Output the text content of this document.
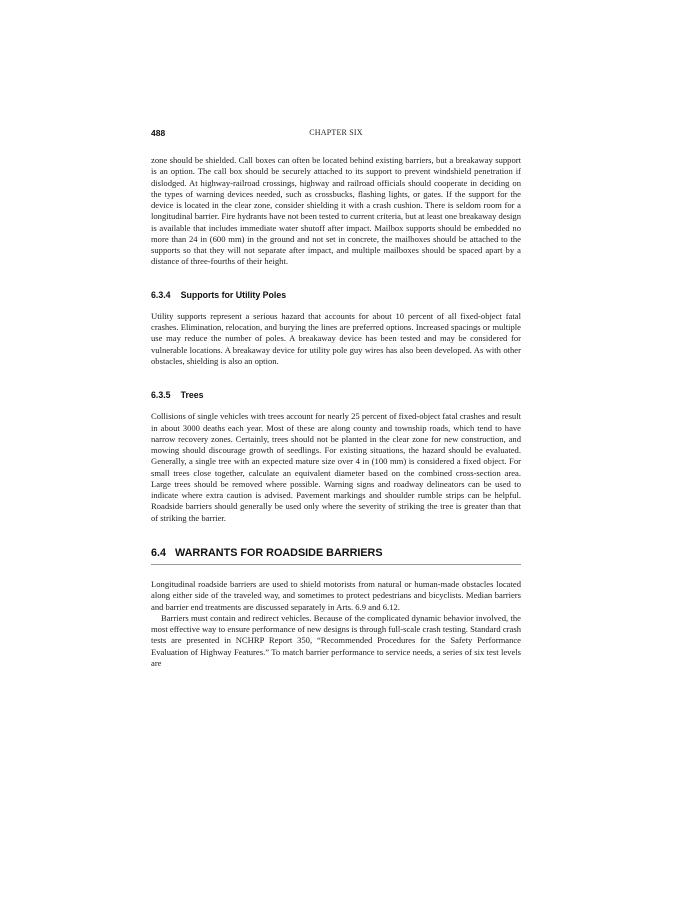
488	CHAPTER SIX

zone should be shielded. Call boxes can often be located behind existing barriers, but a breakaway support is an option. The call box should be securely attached to its support to prevent windshield penetration if dislodged. At highway-railroad crossings, highway and railroad officials should cooperate in deciding on the types of warning devices needed, such as crossbucks, flashing lights, or gates. If the support for the device is located in the clear zone, consider shielding it with a crash cushion. There is seldom room for a longitudinal barrier. Fire hydrants have not been tested to current criteria, but at least one breakaway design is available that includes immediate water shutoff after impact. Mailbox supports should be embedded no more than 24 in (600 mm) in the ground and not set in concrete, the mailboxes should be attached to the supports so that they will not separate after impact, and multiple mailboxes should be spaced apart by a distance of three-fourths of their height.

6.3.4 Supports for Utility Poles

Utility supports represent a serious hazard that accounts for about 10 percent of all fixed-object fatal crashes. Elimination, relocation, and burying the lines are preferred options. Increased spacings or multiple use may reduce the number of poles. A breakaway device has been tested and may be considered for vulnerable locations. A breakaway device for utility pole guy wires has also been developed. As with other obstacles, shielding is also an option.

6.3.5 Trees

Collisions of single vehicles with trees account for nearly 25 percent of fixed-object fatal crashes and result in about 3000 deaths each year. Most of these are along county and township roads, which tend to have narrow recovery zones. Certainly, trees should not be planted in the clear zone for new construction, and mowing should discourage growth of seedlings. For existing situations, the hazard should be evaluated. Generally, a single tree with an expected mature size over 4 in (100 mm) is considered a fixed object. For small trees close together, calculate an equivalent diameter based on the combined cross-section area. Large trees should be removed where possible. Warning signs and roadway delineators can be used to indicate where extra caution is advised. Pavement markings and shoulder rumble strips can be helpful. Roadside barriers should generally be used only where the severity of striking the tree is greater than that of striking the barrier.

6.4 WARRANTS FOR ROADSIDE BARRIERS

Longitudinal roadside barriers are used to shield motorists from natural or human-made obstacles located along either side of the traveled way, and sometimes to protect pedestrians and bicyclists. Median barriers and barrier end treatments are discussed separately in Arts. 6.9 and 6.12.

Barriers must contain and redirect vehicles. Because of the complicated dynamic behavior involved, the most effective way to ensure performance of new designs is through full-scale crash testing. Standard crash tests are presented in NCHRP Report 350, “Recommended Procedures for the Safety Performance Evaluation of Highway Features.” To match barrier performance to service needs, a series of six test levels are
